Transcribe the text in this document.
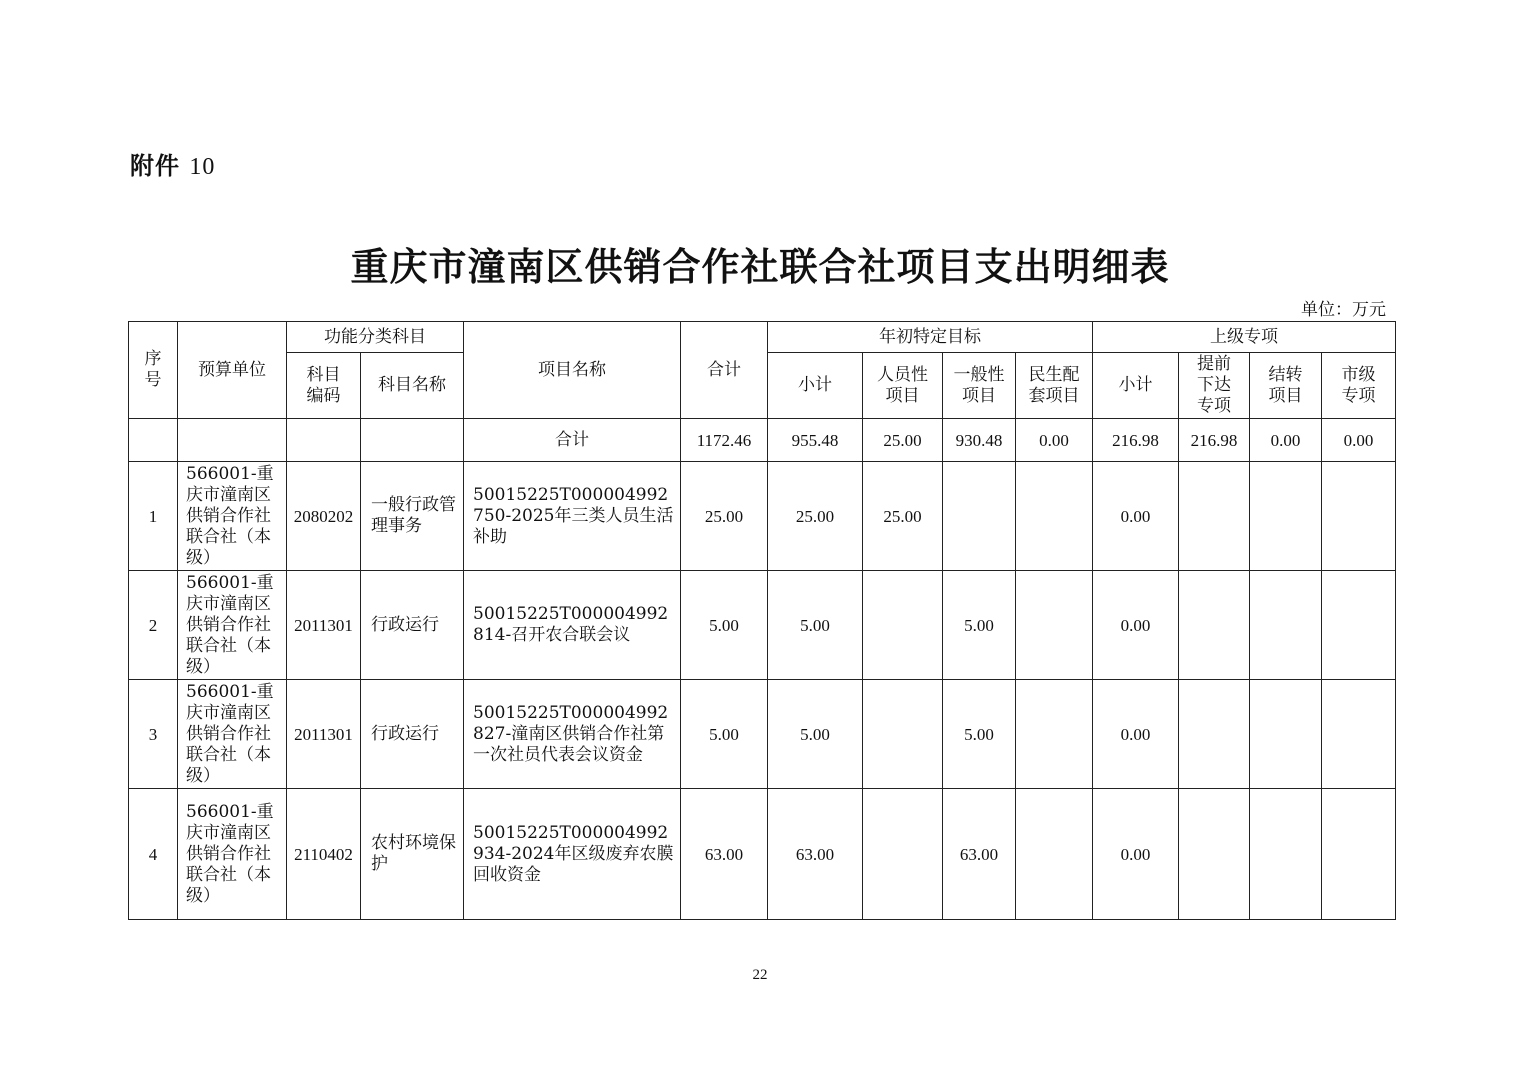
附件 10
重庆市潼南区供销合作社联合社项目支出明细表
单位：万元
序号	预算单位	功能分类科目		项目名称	合计	年初特定目标				上级专项			
		科目编码	科目名称			小计	人员性项目	一般性项目	民生配套项目	小计	提前下达专项	结转项目	市级专项
				合计	1172.46	955.48	25.00	930.48	0.00	216.98	216.98	0.00	0.00
1	566001-重庆市潼南区供销合作社联合社（本级）	2080202	一般行政管理事务	50015225T000004992750-2025年三类人员生活补助	25.00	25.00	25.00			0.00			
2	566001-重庆市潼南区供销合作社联合社（本级）	2011301	行政运行	50015225T000004992814-召开农合联会议	5.00	5.00		5.00		0.00			
3	566001-重庆市潼南区供销合作社联合社（本级）	2011301	行政运行	50015225T000004992827-潼南区供销合作社第一次社员代表会议资金	5.00	5.00		5.00		0.00			
4	566001-重庆市潼南区供销合作社联合社（本级）	2110402	农村环境保护	50015225T000004992934-2024年区级废弃农膜回收资金	63.00	63.00		63.00		0.00			
22
